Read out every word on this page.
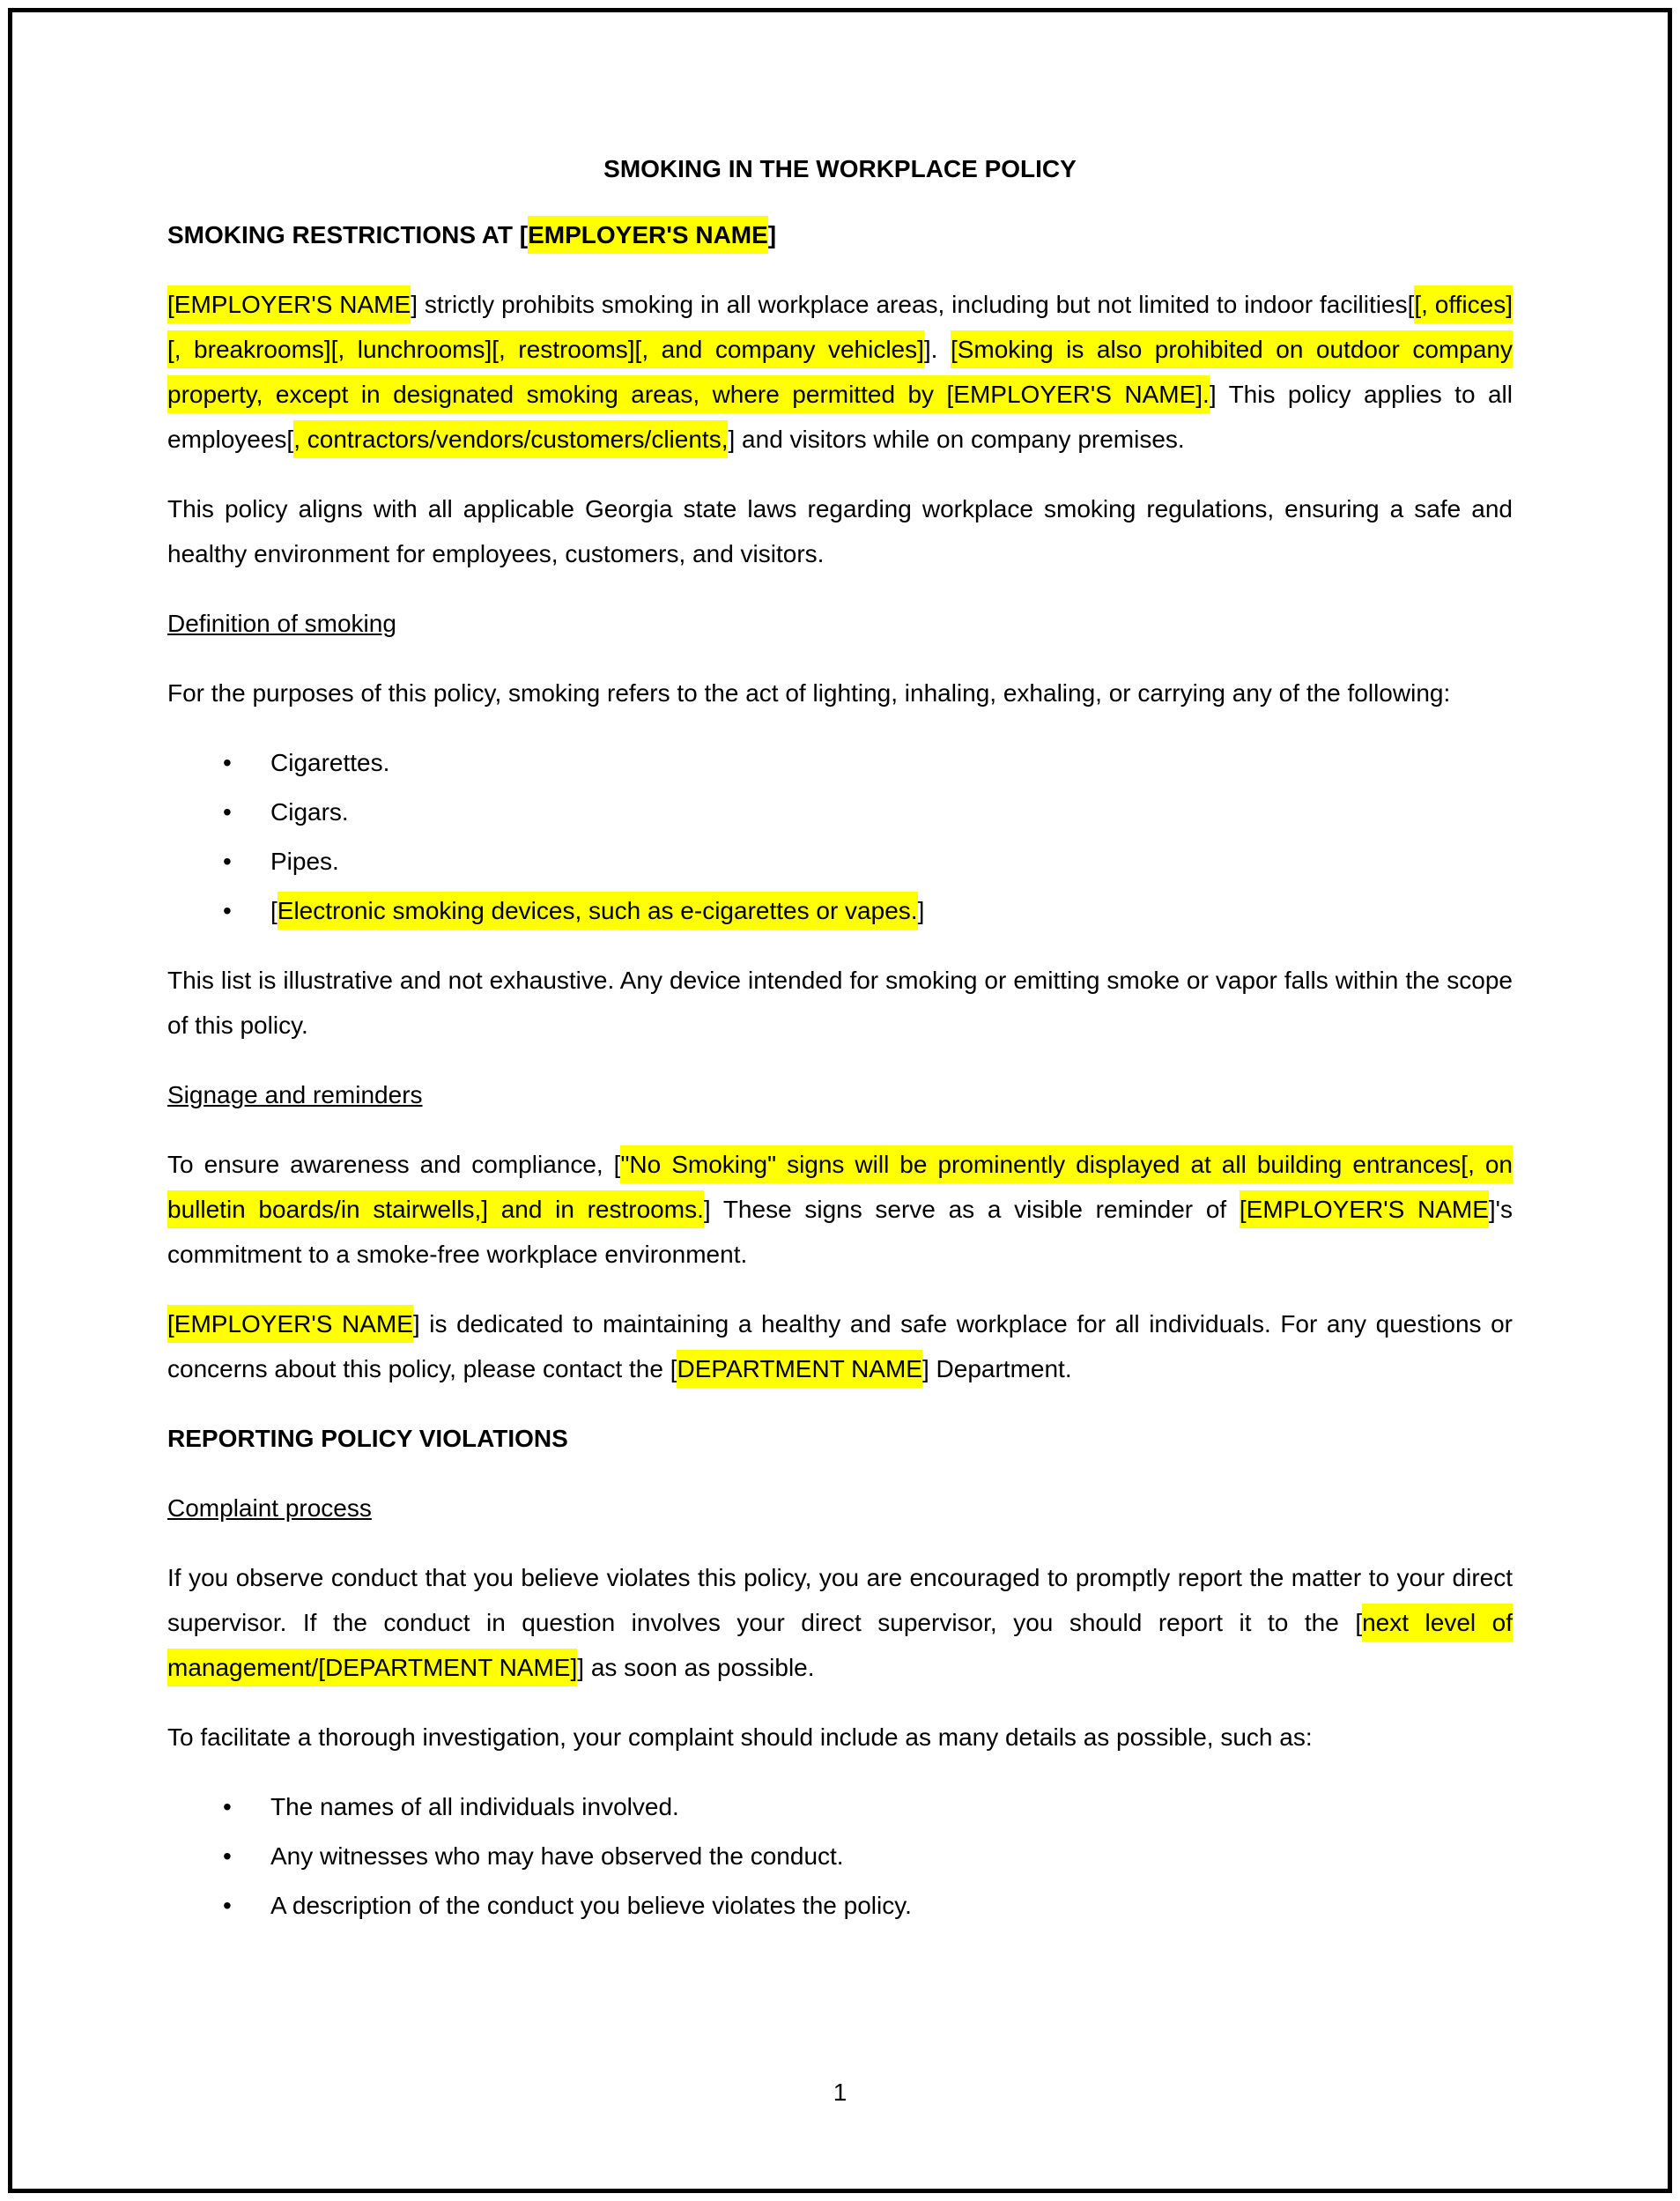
SMOKING IN THE WORKPLACE POLICY
SMOKING RESTRICTIONS AT [EMPLOYER'S NAME]

[EMPLOYER'S NAME] strictly prohibits smoking in all workplace areas, including but not limited to indoor facilities[[, offices][, breakrooms][, lunchrooms][, restrooms][, and company vehicles]]. [Smoking is also prohibited on outdoor company property, except in designated smoking areas, where permitted by [EMPLOYER'S NAME].] This policy applies to all employees[, contractors/vendors/customers/clients,] and visitors while on company premises.

This policy aligns with all applicable Georgia state laws regarding workplace smoking regulations, ensuring a safe and healthy environment for employees, customers, and visitors.

Definition of smoking

For the purposes of this policy, smoking refers to the act of lighting, inhaling, exhaling, or carrying any of the following:

• Cigarettes.
• Cigars.
• Pipes.
• [Electronic smoking devices, such as e-cigarettes or vapes.]

This list is illustrative and not exhaustive. Any device intended for smoking or emitting smoke or vapor falls within the scope of this policy.

Signage and reminders

To ensure awareness and compliance, ["No Smoking" signs will be prominently displayed at all building entrances[, on bulletin boards/in stairwells,] and in restrooms.] These signs serve as a visible reminder of [EMPLOYER'S NAME]'s commitment to a smoke-free workplace environment.

[EMPLOYER'S NAME] is dedicated to maintaining a healthy and safe workplace for all individuals. For any questions or concerns about this policy, please contact the [DEPARTMENT NAME] Department.

REPORTING POLICY VIOLATIONS
Complaint process

If you observe conduct that you believe violates this policy, you are encouraged to promptly report the matter to your direct supervisor. If the conduct in question involves your direct supervisor, you should report it to the [next level of management/[DEPARTMENT NAME]] as soon as possible.

To facilitate a thorough investigation, your complaint should include as many details as possible, such as:

• The names of all individuals involved.
• Any witnesses who may have observed the conduct.
• A description of the conduct you believe violates the policy.
1
